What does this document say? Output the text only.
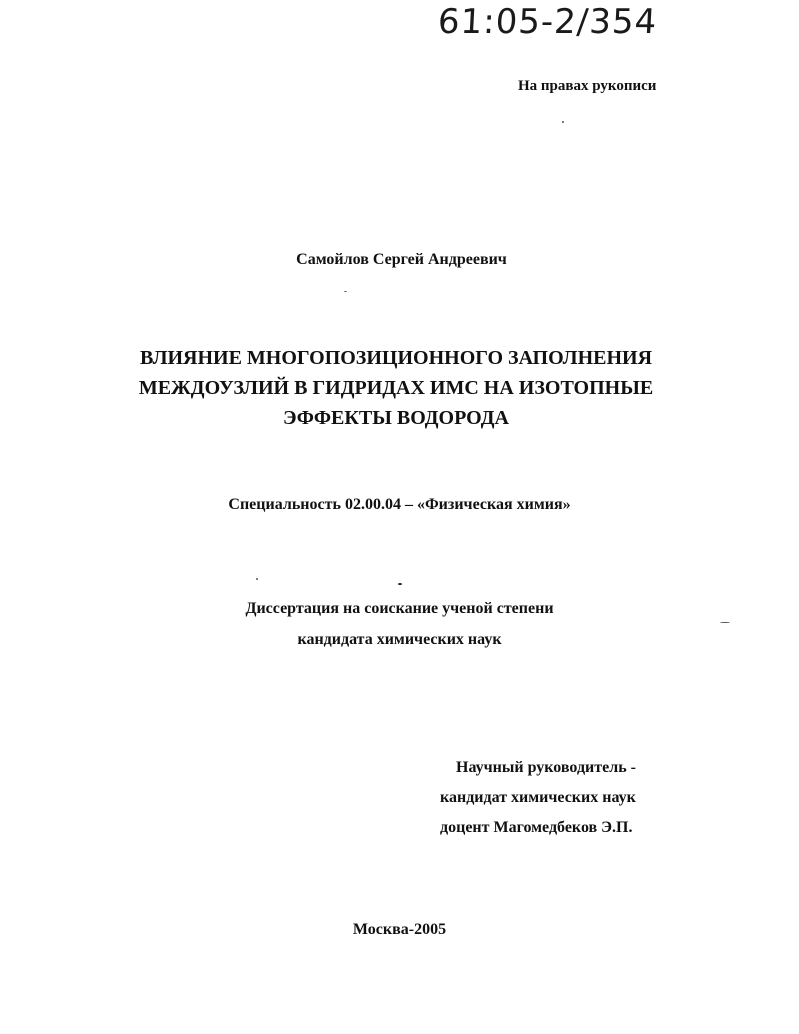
61:05-2/354
На правах рукописи
Самойлов Сергей Андреевич
ВЛИЯНИЕ МНОГОПОЗИЦИОННОГО ЗАПОЛНЕНИЯ
МЕЖДОУЗЛИЙ В ГИДРИДАХ ИМС НА ИЗОТОПНЫЕ
ЭФФЕКТЫ ВОДОРОДА
Специальность 02.00.04 – «Физическая химия»
Диссертация на соискание ученой степени
кандидата химических наук
Научный руководитель -
кандидат химических наук
доцент Магомедбеков Э.П.
Москва-2005
